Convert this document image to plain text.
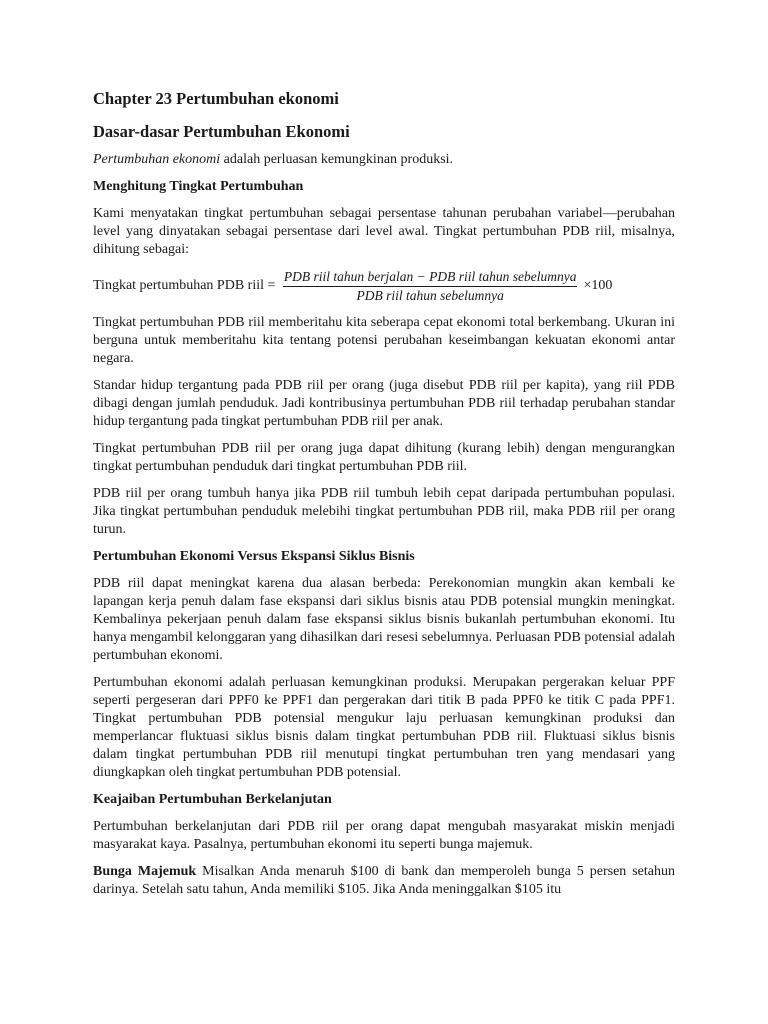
Chapter 23 Pertumbuhan ekonomi
Dasar-dasar Pertumbuhan Ekonomi

Pertumbuhan ekonomi adalah perluasan kemungkinan produksi.

Menghitung Tingkat Pertumbuhan

Kami menyatakan tingkat pertumbuhan sebagai persentase tahunan perubahan variabel—perubahan level yang dinyatakan sebagai persentase dari level awal. Tingkat pertumbuhan PDB riil, misalnya, dihitung sebagai:

Tingkat pertumbuhan PDB riil = $\frac{\text{PDB riil tahun berjalan − PDB riil tahun sebelumnya}}{\text{PDB riil tahun sebelumnya}} \times 100$

Tingkat pertumbuhan PDB riil memberitahu kita seberapa cepat ekonomi total berkembang. Ukuran ini berguna untuk memberitahu kita tentang potensi perubahan keseimbangan kekuatan ekonomi antar negara.

Standar hidup tergantung pada PDB riil per orang (juga disebut PDB riil per kapita), yang riil PDB dibagi dengan jumlah penduduk. Jadi kontribusinya pertumbuhan PDB riil terhadap perubahan standar hidup tergantung pada tingkat pertumbuhan PDB riil per anak.

Tingkat pertumbuhan PDB riil per orang juga dapat dihitung (kurang lebih) dengan mengurangkan tingkat pertumbuhan penduduk dari tingkat pertumbuhan PDB riil.

PDB riil per orang tumbuh hanya jika PDB riil tumbuh lebih cepat daripada pertumbuhan populasi. Jika tingkat pertumbuhan penduduk melebihi tingkat pertumbuhan PDB riil, maka PDB riil per orang turun.

Pertumbuhan Ekonomi Versus Ekspansi Siklus Bisnis

PDB riil dapat meningkat karena dua alasan berbeda: Perekonomian mungkin akan kembali ke lapangan kerja penuh dalam fase ekspansi dari siklus bisnis atau PDB potensial mungkin meningkat. Kembalinya pekerjaan penuh dalam fase ekspansi siklus bisnis bukanlah pertumbuhan ekonomi. Itu hanya mengambil kelonggaran yang dihasilkan dari resesi sebelumnya. Perluasan PDB potensial adalah pertumbuhan ekonomi.

Pertumbuhan ekonomi adalah perluasan kemungkinan produksi. Merupakan pergerakan keluar PPF seperti pergeseran dari PPF0 ke PPF1 dan pergerakan dari titik B pada PPF0 ke titik C pada PPF1. Tingkat pertumbuhan PDB potensial mengukur laju perluasan kemungkinan produksi dan memperlancar fluktuasi siklus bisnis dalam tingkat pertumbuhan PDB riil. Fluktuasi siklus bisnis dalam tingkat pertumbuhan PDB riil menutupi tingkat pertumbuhan tren yang mendasari yang diungkapkan oleh tingkat pertumbuhan PDB potensial.

Keajaiban Pertumbuhan Berkelanjutan

Pertumbuhan berkelanjutan dari PDB riil per orang dapat mengubah masyarakat miskin menjadi masyarakat kaya. Pasalnya, pertumbuhan ekonomi itu seperti bunga majemuk.

Bunga Majemuk Misalkan Anda menaruh $100 di bank dan memperoleh bunga 5 persen setahun darinya. Setelah satu tahun, Anda memiliki $105. Jika Anda meninggalkan $105 itu
